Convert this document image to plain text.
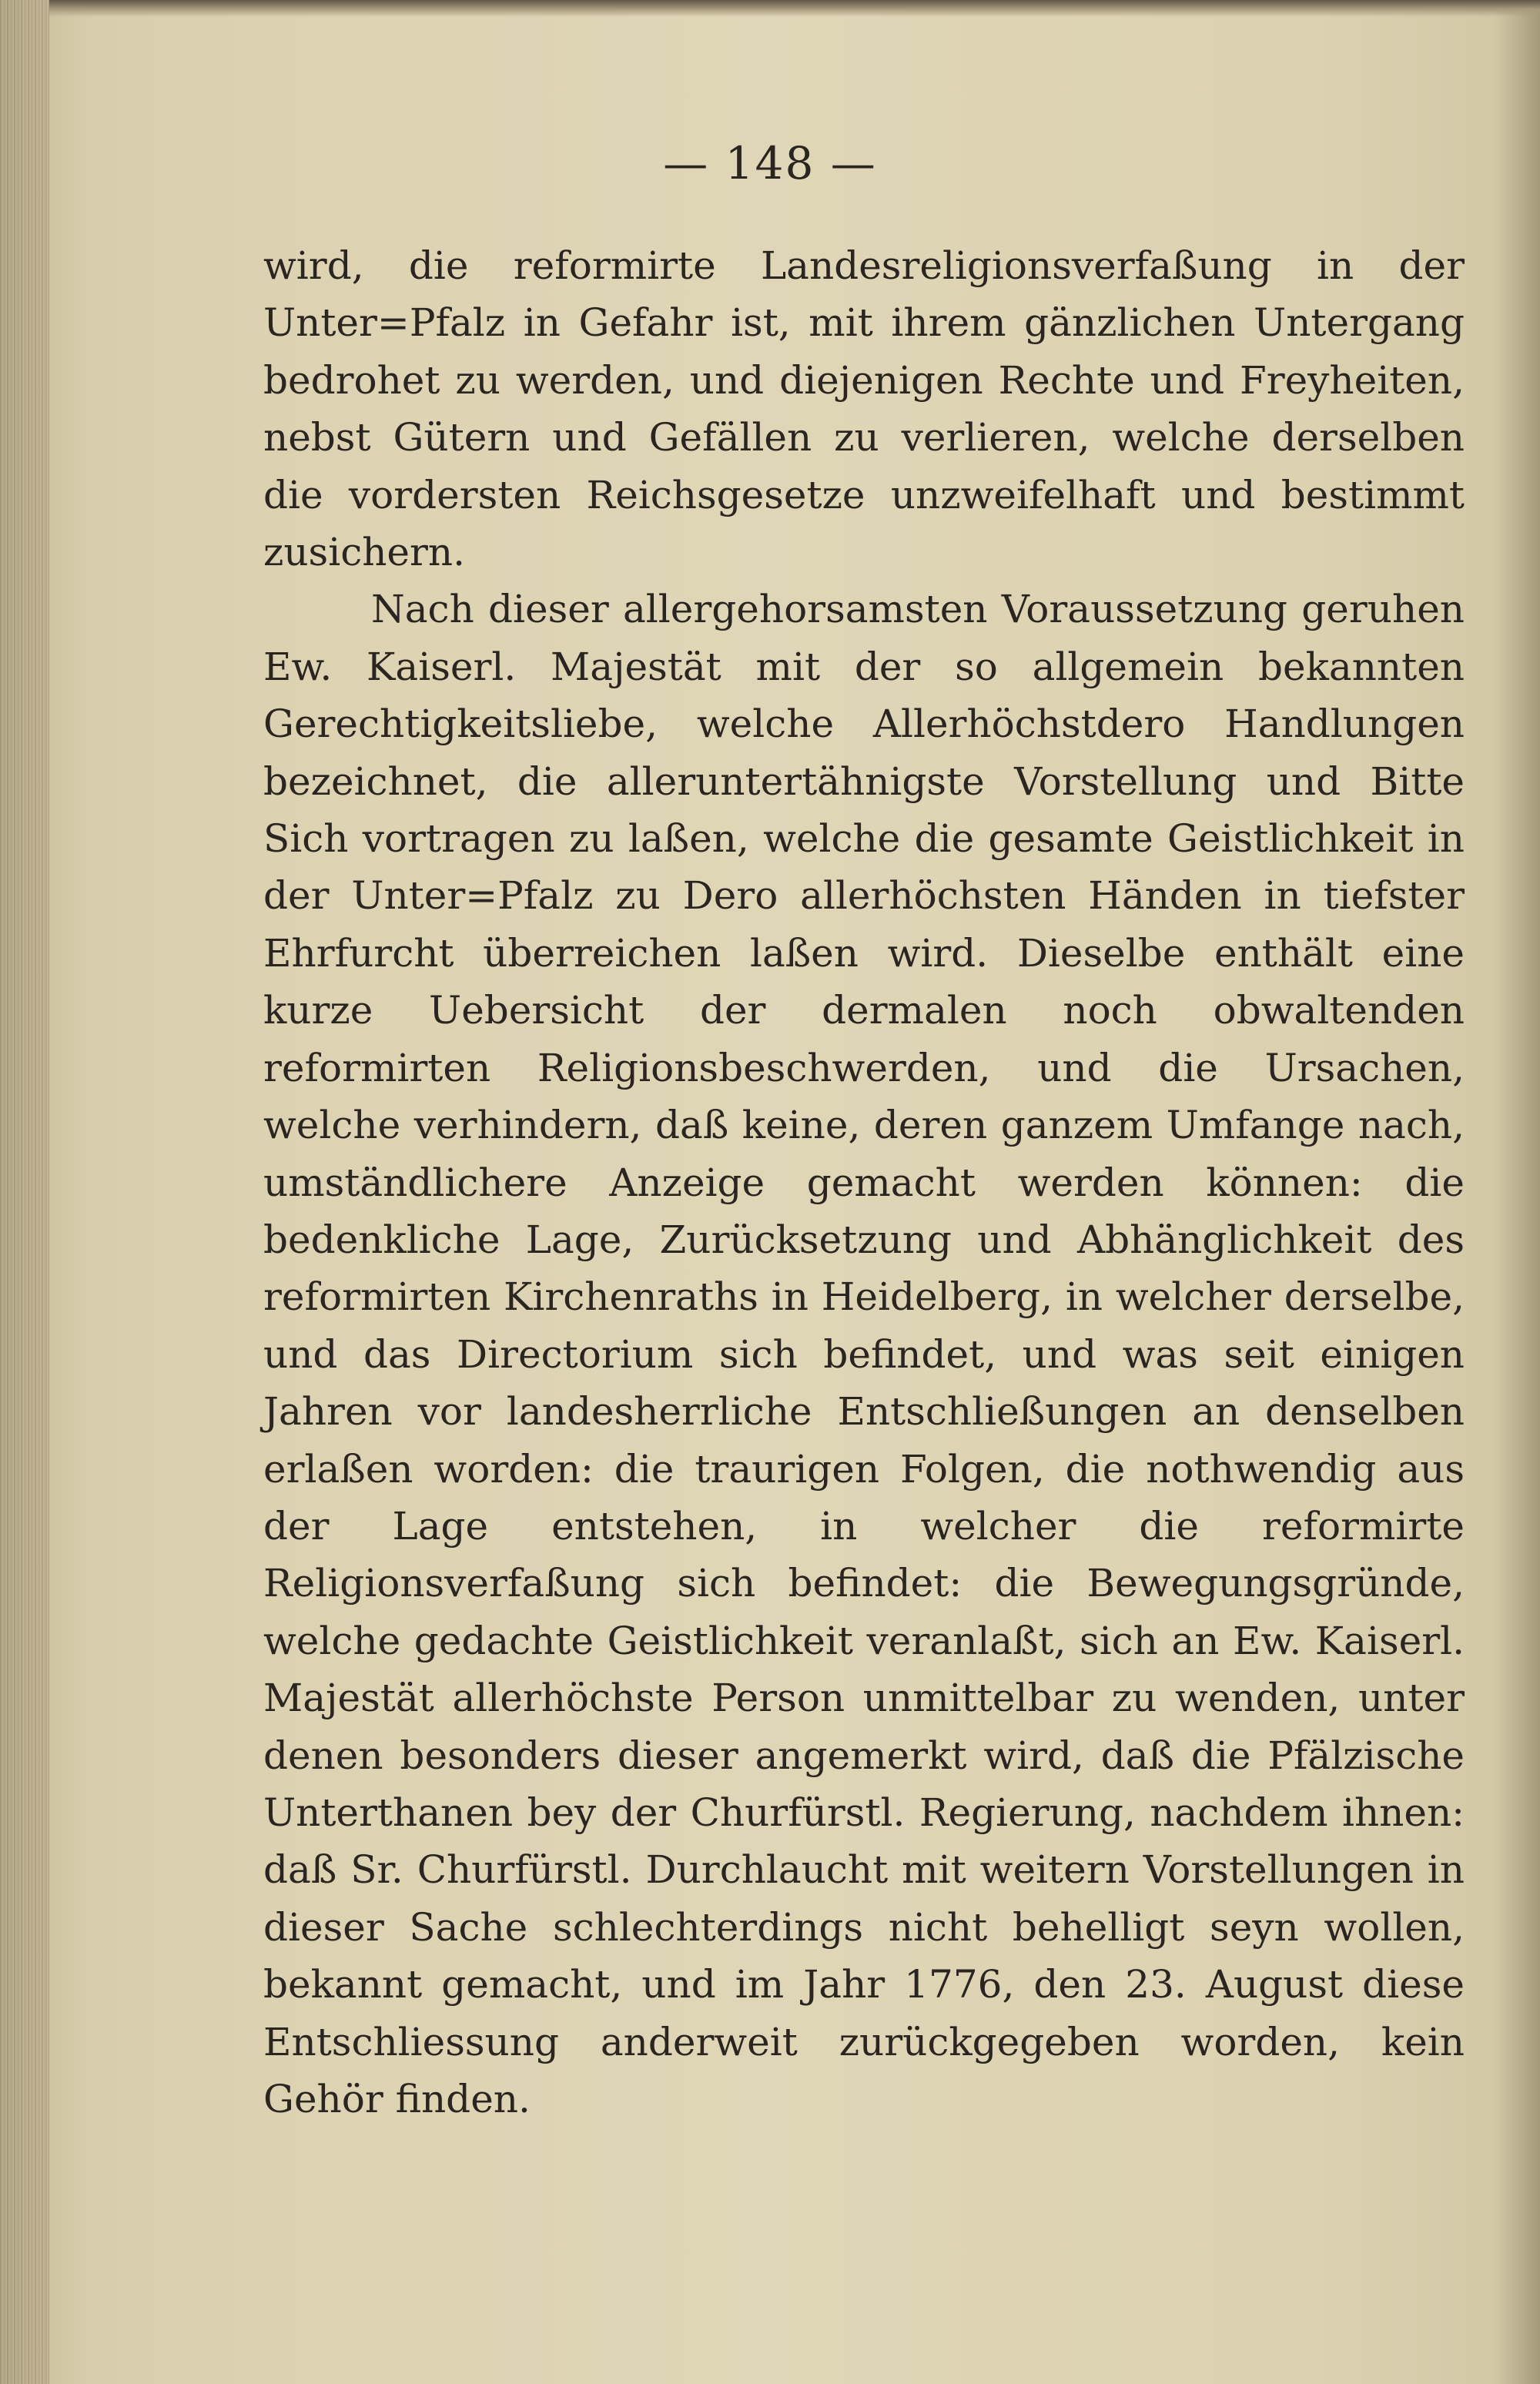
— 148 —

wird, die reformirte Landesreligionsverfaßung in der Unter=Pfalz in Gefahr ist, mit ihrem gänzlichen Untergang bedrohet zu werden, und diejenigen Rechte und Freyheiten, nebst Gütern und Gefällen zu verlieren, welche derselben die vordersten Reichsgesetze unzweifelhaft und bestimmt zusichern.

Nach dieser allergehorsamsten Voraussetzung geruhen Ew. Kaiserl. Majestät mit der so allgemein bekannten Gerechtigkeitsliebe, welche Allerhöchstdero Handlungen bezeichnet, die alleruntertähnigste Vorstellung und Bitte Sich vortragen zu laßen, welche die gesamte Geistlichkeit in der Unter=Pfalz zu Dero allerhöchsten Händen in tiefster Ehrfurcht überreichen laßen wird. Dieselbe enthält eine kurze Uebersicht der dermalen noch obwaltenden reformirten Religionsbeschwerden, und die Ursachen, welche verhindern, daß keine, deren ganzem Umfange nach, umständlichere Anzeige gemacht werden können: die bedenkliche Lage, Zurücksetzung und Abhänglichkeit des reformirten Kirchenraths in Heidelberg, in welcher derselbe, und das Directorium sich befindet, und was seit einigen Jahren vor landesherrliche Entschließungen an denselben erlaßen worden: die traurigen Folgen, die nothwendig aus der Lage entstehen, in welcher die reformirte Religionsverfaßung sich befindet: die Bewegungsgründe, welche gedachte Geistlichkeit veranlaßt, sich an Ew. Kaiserl. Majestät allerhöchste Person unmittelbar zu wenden, unter denen besonders dieser angemerkt wird, daß die Pfälzische Unterthanen bey der Churfürstl. Regierung, nachdem ihnen: daß Sr. Churfürstl. Durchlaucht mit weitern Vorstellungen in dieser Sache schlechterdings nicht behelligt seyn wollen, bekannt gemacht, und im Jahr 1776, den 23. August diese Entschliessung anderweit zurückgegeben worden, kein Gehör finden.
